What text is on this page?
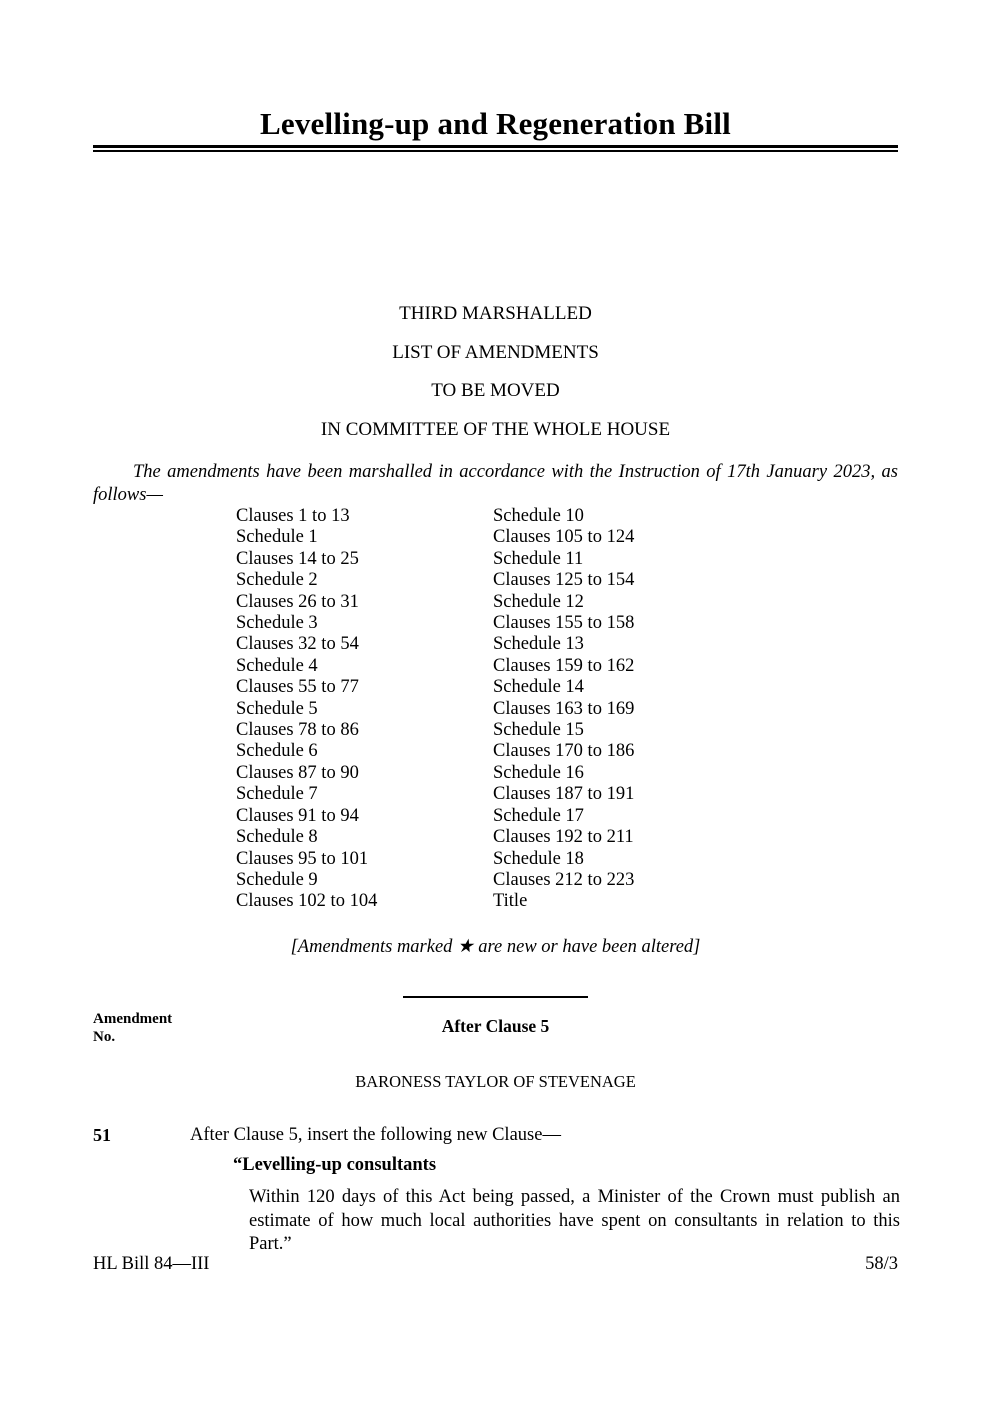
Levelling-up and Regeneration Bill
THIRD MARSHALLED
LIST OF AMENDMENTS
TO BE MOVED
IN COMMITTEE OF THE WHOLE HOUSE
The amendments have been marshalled in accordance with the Instruction of 17th January 2023, as follows—
Clauses 1 to 13
Schedule 1
Clauses 14 to 25
Schedule 2
Clauses 26 to 31
Schedule 3
Clauses 32 to 54
Schedule 4
Clauses 55 to 77
Schedule 5
Clauses 78 to 86
Schedule 6
Clauses 87 to 90
Schedule 7
Clauses 91 to 94
Schedule 8
Clauses 95 to 101
Schedule 9
Clauses 102 to 104
Schedule 10
Clauses 105 to 124
Schedule 11
Clauses 125 to 154
Schedule 12
Clauses 155 to 158
Schedule 13
Clauses 159 to 162
Schedule 14
Clauses 163 to 169
Schedule 15
Clauses 170 to 186
Schedule 16
Clauses 187 to 191
Schedule 17
Clauses 192 to 211
Schedule 18
Clauses 212 to 223
Title
[Amendments marked ★ are new or have been altered]
Amendment
No.
After Clause 5
BARONESS TAYLOR OF STEVENAGE
51	After Clause 5, insert the following new Clause—
“Levelling-up consultants
Within 120 days of this Act being passed, a Minister of the Crown must publish an estimate of how much local authorities have spent on consultants in relation to this Part.”
HL Bill 84—III	58/3
